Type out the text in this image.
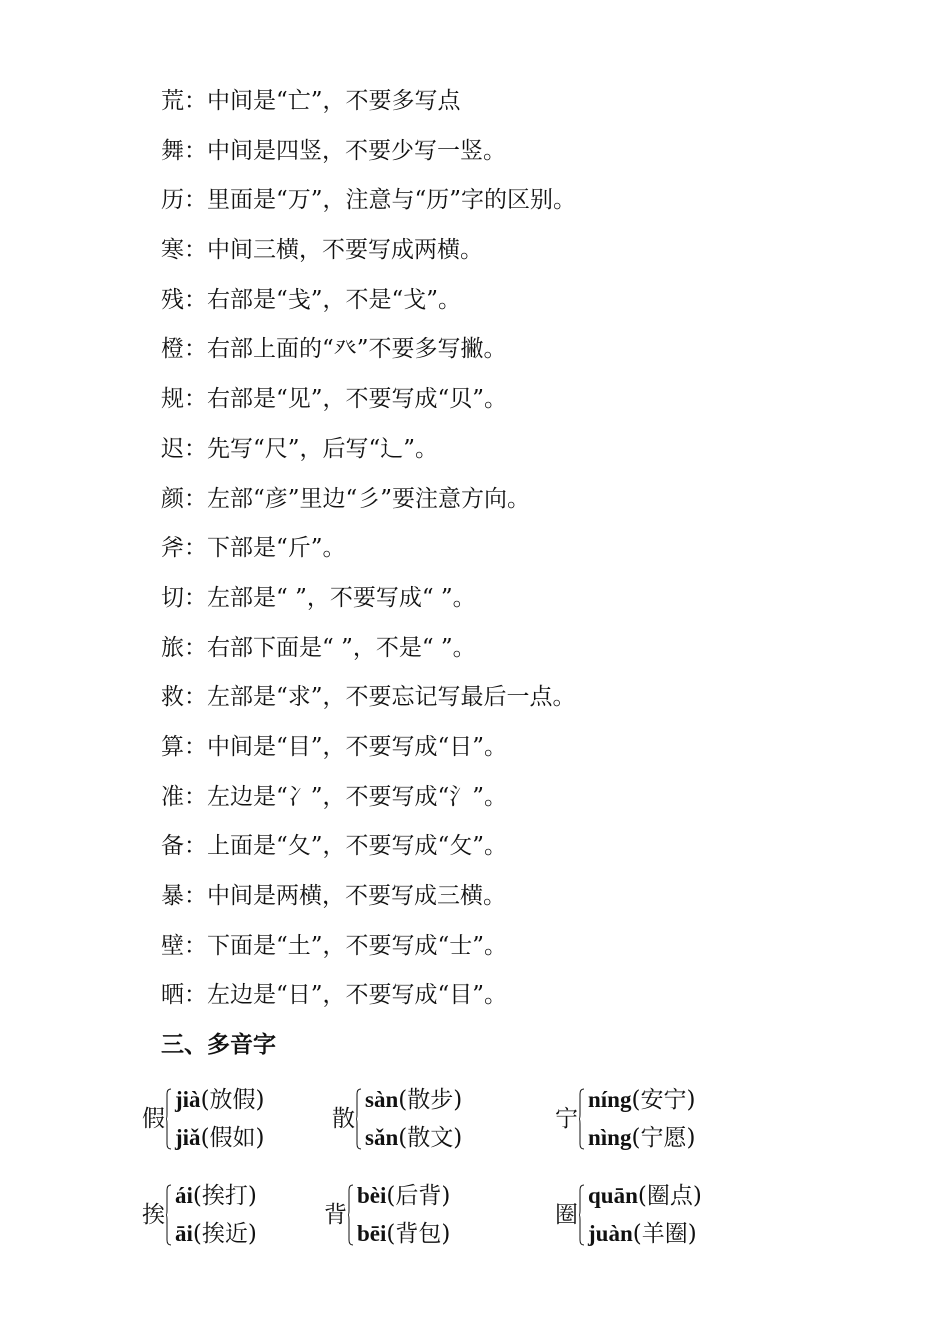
荒：中间是“亡”，不要多写点
舞：中间是四竖，不要少写一竖。
历：里面是“万”，注意与“历”字的区别。
寒：中间三横，不要写成两横。
残：右部是“戋”，不是“戈”。
橙：右部上面的“癶”不要多写撇。
规：右部是“见”，不要写成“贝”。
迟：先写“尺”，后写“辶”。
颜：左部“彦”里边“彡”要注意方向。
斧：下部是“斤”。
切：左部是“ ”，不要写成“ ”。
旅：右部下面是“ ”，不是“ ”。
救：左部是“求”，不要忘记写最后一点。
算：中间是“目”，不要写成“日”。
准：左边是“冫”，不要写成“氵”。
备：上面是“夂”，不要写成“攵”。
暴：中间是两横，不要写成三横。
壁：下面是“土”，不要写成“士”。
晒：左边是“日”，不要写成“目”。
三、多音字
假
jià(放假)
jiǎ(假如)
散
sàn(散步)
sǎn(散文)
宁
níng(安宁)
nìng(宁愿)
挨
ái(挨打)
āi(挨近)
背
bèi(后背)
bēi(背包)
圈
quān(圈点)
juàn(羊圈)
